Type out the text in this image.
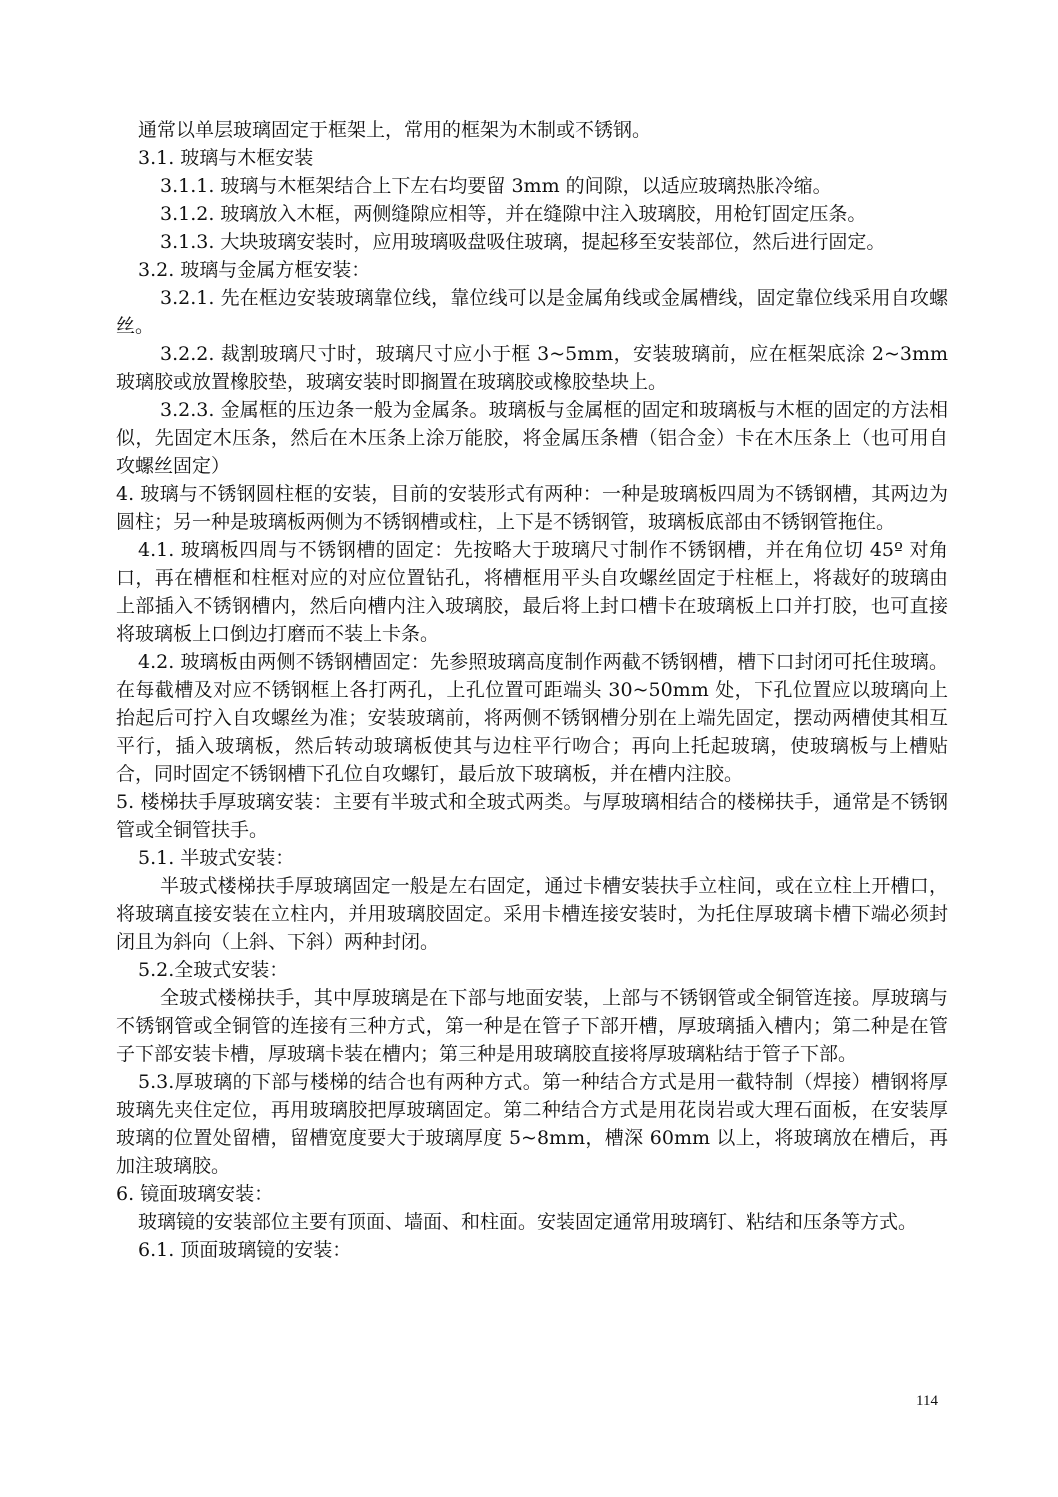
通常以单层玻璃固定于框架上，常用的框架为木制或不锈钢。

3.1. 玻璃与木框安装

3.1.1. 玻璃与木框架结合上下左右均要留 3mm 的间隙，以适应玻璃热胀冷缩。

3.1.2. 玻璃放入木框，两侧缝隙应相等，并在缝隙中注入玻璃胶，用枪钉固定压条。

3.1.3. 大块玻璃安装时，应用玻璃吸盘吸住玻璃，提起移至安装部位，然后进行固定。

3.2. 玻璃与金属方框安装：

3.2.1. 先在框边安装玻璃靠位线，靠位线可以是金属角线或金属槽线，固定靠位线采用自攻螺丝。

3.2.2. 裁割玻璃尺寸时，玻璃尺寸应小于框 3~5mm，安装玻璃前，应在框架底涂 2~3mm 玻璃胶或放置橡胶垫，玻璃安装时即搁置在玻璃胶或橡胶垫块上。

3.2.3. 金属框的压边条一般为金属条。玻璃板与金属框的固定和玻璃板与木框的固定的方法相似，先固定木压条，然后在木压条上涂万能胶，将金属压条槽（铝合金）卡在木压条上（也可用自攻螺丝固定）

4. 玻璃与不锈钢圆柱框的安装，目前的安装形式有两种：一种是玻璃板四周为不锈钢槽，其两边为圆柱；另一种是玻璃板两侧为不锈钢槽或柱，上下是不锈钢管，玻璃板底部由不锈钢管拖住。

4.1. 玻璃板四周与不锈钢槽的固定：先按略大于玻璃尺寸制作不锈钢槽，并在角位切 45º 对角口，再在槽框和柱框对应的对应位置钻孔，将槽框用平头自攻螺丝固定于柱框上，将裁好的玻璃由上部插入不锈钢槽内，然后向槽内注入玻璃胶，最后将上封口槽卡在玻璃板上口并打胶，也可直接将玻璃板上口倒边打磨而不装上卡条。

4.2. 玻璃板由两侧不锈钢槽固定：先参照玻璃高度制作两截不锈钢槽，槽下口封闭可托住玻璃。在每截槽及对应不锈钢框上各打两孔，上孔位置可距端头 30~50mm 处，下孔位置应以玻璃向上抬起后可拧入自攻螺丝为准；安装玻璃前，将两侧不锈钢槽分别在上端先固定，摆动两槽使其相互平行，插入玻璃板，然后转动玻璃板使其与边柱平行吻合；再向上托起玻璃，使玻璃板与上槽贴合，同时固定不锈钢槽下孔位自攻螺钉，最后放下玻璃板，并在槽内注胶。

5. 楼梯扶手厚玻璃安装：主要有半玻式和全玻式两类。与厚玻璃相结合的楼梯扶手，通常是不锈钢管或全铜管扶手。

5.1. 半玻式安装：

半玻式楼梯扶手厚玻璃固定一般是左右固定，通过卡槽安装扶手立柱间，或在立柱上开槽口，将玻璃直接安装在立柱内，并用玻璃胶固定。采用卡槽连接安装时，为托住厚玻璃卡槽下端必须封闭且为斜向（上斜、下斜）两种封闭。

5.2.全玻式安装：

全玻式楼梯扶手，其中厚玻璃是在下部与地面安装，上部与不锈钢管或全铜管连接。厚玻璃与不锈钢管或全铜管的连接有三种方式，第一种是在管子下部开槽，厚玻璃插入槽内；第二种是在管子下部安装卡槽，厚玻璃卡装在槽内；第三种是用玻璃胶直接将厚玻璃粘结于管子下部。

5.3.厚玻璃的下部与楼梯的结合也有两种方式。第一种结合方式是用一截特制（焊接）槽钢将厚玻璃先夹住定位，再用玻璃胶把厚玻璃固定。第二种结合方式是用花岗岩或大理石面板，在安装厚玻璃的位置处留槽，留槽宽度要大于玻璃厚度 5~8mm，槽深 60mm 以上，将玻璃放在槽后，再加注玻璃胶。

6. 镜面玻璃安装：

玻璃镜的安装部位主要有顶面、墙面、和柱面。安装固定通常用玻璃钉、粘结和压条等方式。

6.1. 顶面玻璃镜的安装：

114
